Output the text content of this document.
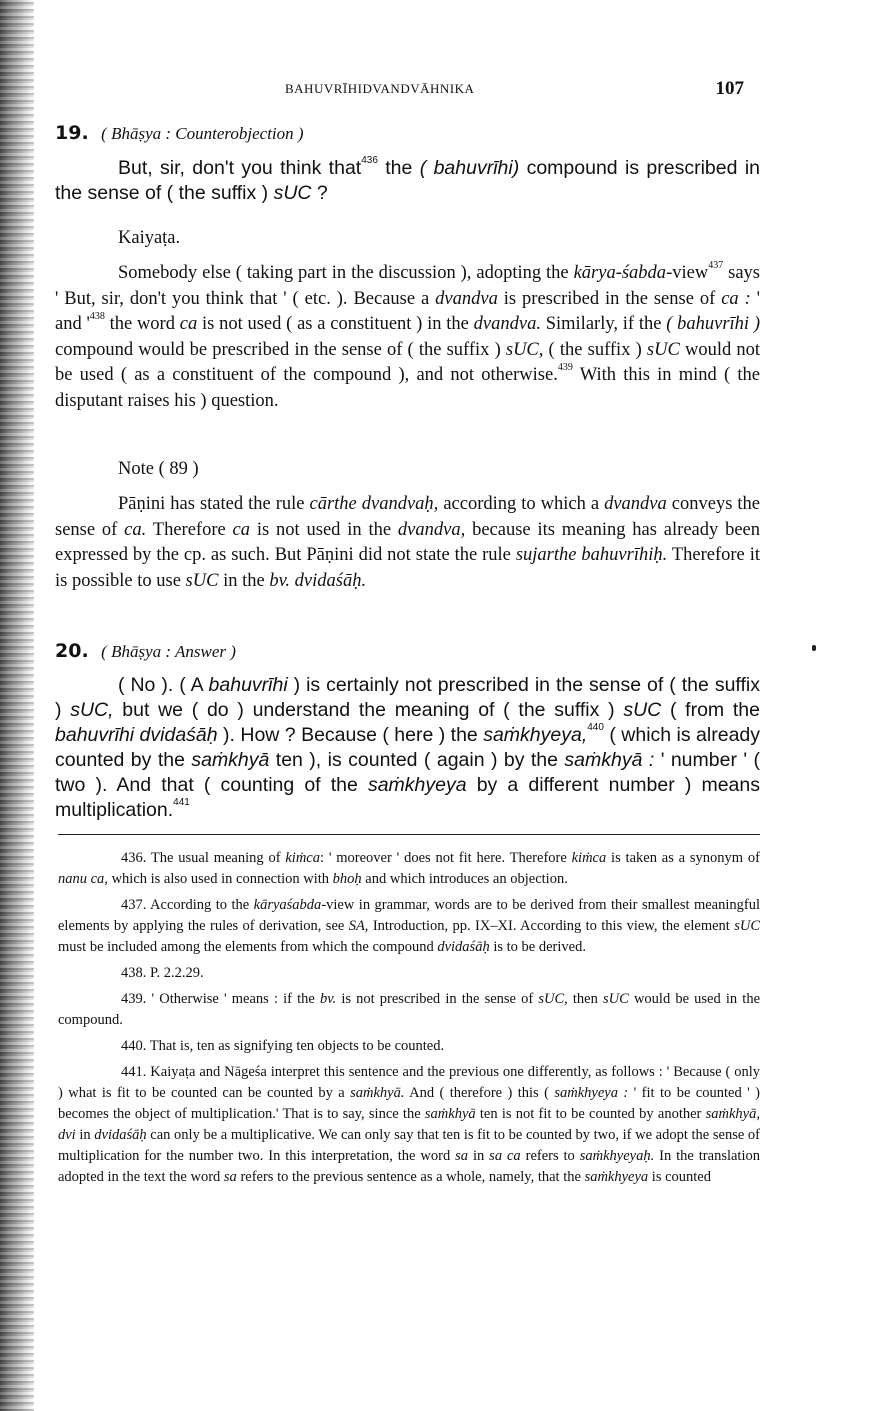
BAHUVRĪHIDVANDVĀHNIKA	107
19. ( Bhāṣya : Counterobjection )

But, sir, don't you think that$^{436}$ the ( bahuvrīhi) compound is prescribed in the sense of ( the suffix ) sUC ?

Kaiyaṭa.

Somebody else ( taking part in the discussion ), adopting the kārya-śabda-view$^{437}$ says ' But, sir, don't you think that ' ( etc. ). Because a dvandva is prescribed in the sense of ca : ' and '$^{438}$ the word ca is not used ( as a constituent ) in the dvandva. Similarly, if the ( bahuvrīhi ) compound would be prescribed in the sense of ( the suffix ) sUC, ( the suffix ) sUC would not be used ( as a constituent of the compound ), and not otherwise.$^{439}$ With this in mind ( the disputant raises his ) question.

Note ( 89 )

Pāṇini has stated the rule cārthe dvandvaḥ, according to which a dvandva conveys the sense of ca. Therefore ca is not used in the dvandva, because its meaning has already been expressed by the cp. as such. But Pāṇini did not state the rule sujarthe bahuvrīhiḥ. Therefore it is possible to use sUC in the bv. dvidaśāḥ.

20. ( Bhāṣya : Answer )

( No ). ( A bahuvrīhi ) is certainly not prescribed in the sense of ( the suffix ) sUC, but we ( do ) understand the meaning of ( the suffix ) sUC ( from the bahuvrīhi dvidaśāḥ ). How ? Because ( here ) the saṁkhyeya,$^{440}$ ( which is already counted by the saṁkhyā ten ), is counted ( again ) by the saṁkhyā : ' number ' ( two ). And that ( counting of the saṁkhyeya by a different number ) means multiplication.$^{441}$

436. The usual meaning of kiṁca: ' moreover ' does not fit here. Therefore kiṁca is taken as a synonym of nanu ca, which is also used in connection with bhoḥ and which introduces an objection.

437. According to the kāryaśabda-view in grammar, words are to be derived from their smallest meaningful elements by applying the rules of derivation, see SA, Introduction, pp. IX–XI. According to this view, the element sUC must be included among the elements from which the compound dvidaśāḥ is to be derived.

438. P. 2.2.29.

439. ' Otherwise ' means : if the bv. is not prescribed in the sense of sUC, then sUC would be used in the compound.

440. That is, ten as signifying ten objects to be counted.

441. Kaiyaṭa and Nāgeśa interpret this sentence and the previous one differently, as follows : ' Because ( only ) what is fit to be counted can be counted by a saṁkhyā. And ( therefore ) this ( saṁkhyeya : ' fit to be counted ' ) becomes the object of multiplication.' That is to say, since the saṁkhyā ten is not fit to be counted by another saṁkhyā, dvi in dvidaśāḥ can only be a multiplicative. We can only say that ten is fit to be counted by two, if we adopt the sense of multiplication for the number two. In this interpretation, the word sa in sa ca refers to saṁkhyeyaḥ. In the translation adopted in the text the word sa refers to the previous sentence as a whole, namely, that the saṁkhyeya is counted
